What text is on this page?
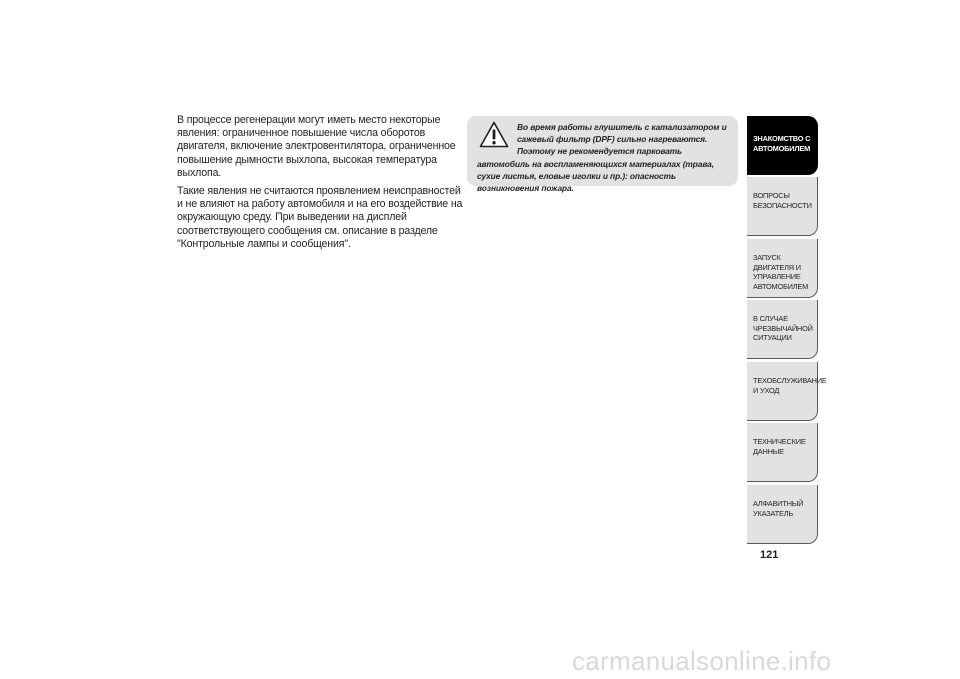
В процессе регенерации могут иметь место некоторые явления: ограниченное повышение числа оборотов двигателя, включение электровентилятора, ограниченное повышение дымности выхлопа, высокая температура выхлопа.

Такие явления не считаются проявлением неисправностей и не влияют на работу автомобиля и на его воздействие на окружающую среду. При выведении на дисплей соответствующего сообщения см. описание в разделе "Контрольные лампы и сообщения".

Во время работы глушитель с катализатором и сажевый фильтр (DPF) сильно нагреваются. Поэтому не рекомендуется парковать автомобиль на воспламеняющихся материалах (трава, сухие листья, еловые иголки и пр.): опасность возникновения пожара.

ЗНАКОМСТВО С АВТОМОБИЛЕМ
ВОПРОСЫ БЕЗОПАСНОСТИ
ЗАПУСК ДВИГАТЕЛЯ И УПРАВЛЕНИЕ АВТОМОБИЛЕМ
В СЛУЧАЕ ЧРЕЗВЫЧАЙНОЙ СИТУАЦИИ
ТЕХОБСЛУЖИВАНИЕ И УХОД
ТЕХНИЧЕСКИЕ ДАННЫЕ
АЛФАВИТНЫЙ УКАЗАТЕЛЬ
121
carmanualsonline.info
